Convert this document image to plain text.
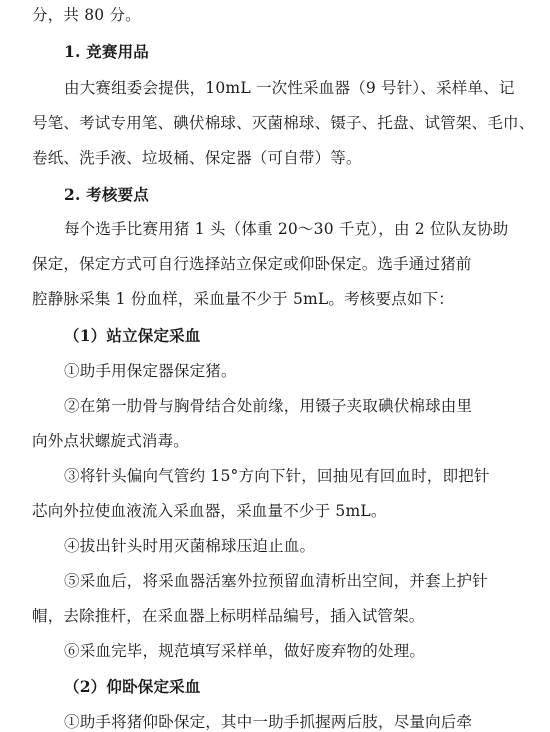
分，共 80 分。
1. 竞赛用品
由大赛组委会提供，10mL 一次性采血器（9 号针）、采样单、记
号笔、考试专用笔、碘伏棉球、灭菌棉球、镊子、托盘、试管架、毛巾、
卷纸、洗手液、垃圾桶、保定器（可自带）等。
2. 考核要点
每个选手比赛用猪 1 头（体重 20～30 千克），由 2 位队友协助
保定，保定方式可自行选择站立保定或仰卧保定。选手通过猪前
腔静脉采集 1 份血样，采血量不少于 5mL。考核要点如下：
（1）站立保定采血
①助手用保定器保定猪。
②在第一肋骨与胸骨结合处前缘，用镊子夹取碘伏棉球由里
向外点状螺旋式消毒。
③将针头偏向气管约 15°方向下针，回抽见有回血时，即把针
芯向外拉使血液流入采血器，采血量不少于 5mL。
④拔出针头时用灭菌棉球压迫止血。
⑤采血后，将采血器活塞外拉预留血清析出空间，并套上护针
帽，去除推杆，在采血器上标明样品编号，插入试管架。
⑥采血完毕，规范填写采样单，做好废弃物的处理。
（2）仰卧保定采血
①助手将猪仰卧保定，其中一助手抓握两后肢，尽量向后牵
